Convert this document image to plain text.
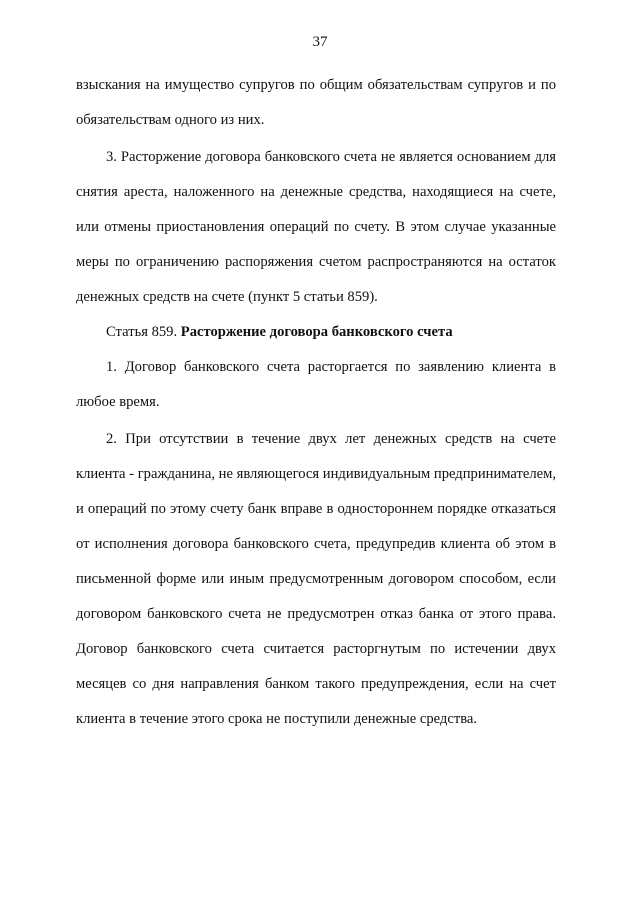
37

взыскания на имущество супругов по общим обязательствам супругов и по обязательствам одного из них.

3. Расторжение договора банковского счета не является основанием для снятия ареста, наложенного на денежные средства, находящиеся на счете, или отмены приостановления операций по счету. В этом случае указанные меры по ограничению распоряжения счетом распространяются на остаток денежных средств на счете (пункт 5 статьи 859).

Статья 859. Расторжение договора банковского счета

1. Договор банковского счета расторгается по заявлению клиента в любое время.

2. При отсутствии в течение двух лет денежных средств на счете клиента - гражданина, не являющегося индивидуальным предпринимателем, и операций по этому счету банк вправе в одностороннем порядке отказаться от исполнения договора банковского счета, предупредив клиента об этом в письменной форме или иным предусмотренным договором способом, если договором банковского счета не предусмотрен отказ банка от этого права. Договор банковского счета считается расторгнутым по истечении двух месяцев со дня направления банком такого предупреждения, если на счет клиента в течение этого срока не поступили денежные средства.
